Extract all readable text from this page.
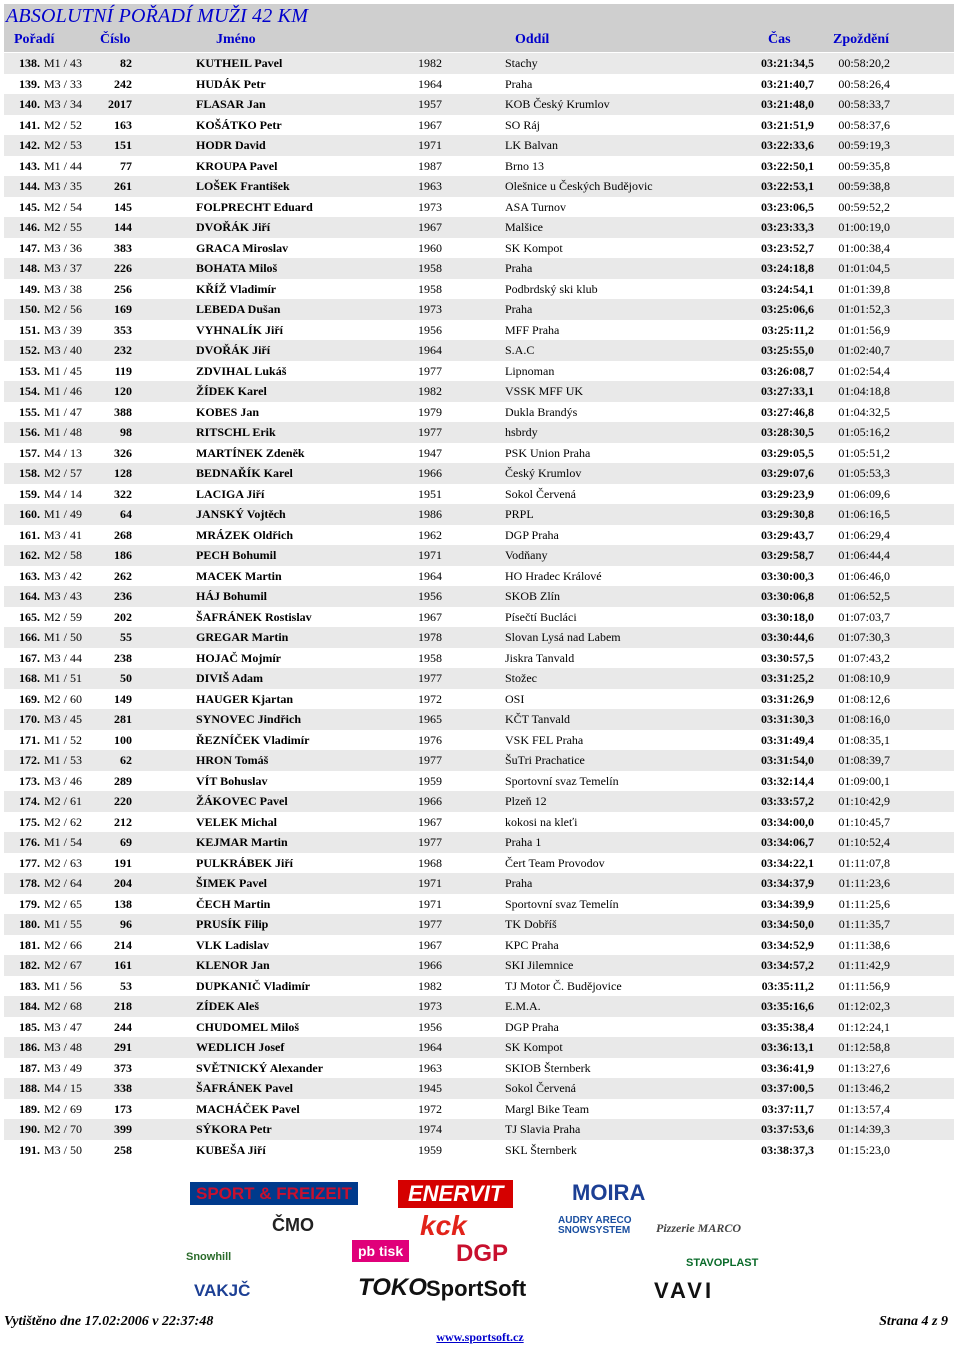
ABSOLUTNÍ POŘADÍ MUŽI 42 KM
Pořadí	Číslo	Jméno	Oddíl	Čas	Zpoždění
138. M1 / 43	82	KUTHEIL Pavel	1982	Stachy	03:21:34,5	00:58:20,2
139. M3 / 33	242	HUDÁK Petr	1964	Praha	03:21:40,7	00:58:26,4
140. M3 / 34	2017	FLASAR Jan	1957	KOB Český Krumlov	03:21:48,0	00:58:33,7
141. M2 / 52	163	KOŠÁTKO Petr	1967	SO Ráj	03:21:51,9	00:58:37,6
142. M2 / 53	151	HODR David	1971	LK Balvan	03:22:33,6	00:59:19,3
143. M1 / 44	77	KROUPA Pavel	1987	Brno 13	03:22:50,1	00:59:35,8
144. M3 / 35	261	LOŠEK František	1963	Olešnice u Českých Budějovic	03:22:53,1	00:59:38,8
145. M2 / 54	145	FOLPRECHT Eduard	1973	ASA Turnov	03:23:06,5	00:59:52,2
146. M2 / 55	144	DVOŘÁK Jiří	1967	Malšice	03:23:33,3	01:00:19,0
147. M3 / 36	383	GRACA Miroslav	1960	SK Kompot	03:23:52,7	01:00:38,4
148. M3 / 37	226	BOHATA Miloš	1958	Praha	03:24:18,8	01:01:04,5
149. M3 / 38	256	KŘÍŽ Vladimír	1958	Podbrdský ski klub	03:24:54,1	01:01:39,8
150. M2 / 56	169	LEBEDA Dušan	1973	Praha	03:25:06,6	01:01:52,3
151. M3 / 39	353	VYHNALÍK Jiří	1956	MFF Praha	03:25:11,2	01:01:56,9
152. M3 / 40	232	DVOŘÁK Jiří	1964	S.A.C	03:25:55,0	01:02:40,7
153. M1 / 45	119	ZDVIHAL Lukáš	1977	Lipnoman	03:26:08,7	01:02:54,4
154. M1 / 46	120	ŽÍDEK Karel	1982	VSSK MFF UK	03:27:33,1	01:04:18,8
155. M1 / 47	388	KOBES Jan	1979	Dukla Brandýs	03:27:46,8	01:04:32,5
156. M1 / 48	98	RITSCHL Erik	1977	hsbrdy	03:28:30,5	01:05:16,2
157. M4 / 13	326	MARTÍNEK Zdeněk	1947	PSK Union Praha	03:29:05,5	01:05:51,2
158. M2 / 57	128	BEDNAŘÍK Karel	1966	Český Krumlov	03:29:07,6	01:05:53,3
159. M4 / 14	322	LACIGA Jiří	1951	Sokol Červená	03:29:23,9	01:06:09,6
160. M1 / 49	64	JANSKÝ Vojtěch	1986	PRPL	03:29:30,8	01:06:16,5
161. M3 / 41	268	MRÁZEK Oldřich	1962	DGP Praha	03:29:43,7	01:06:29,4
162. M2 / 58	186	PECH Bohumil	1971	Vodňany	03:29:58,7	01:06:44,4
163. M3 / 42	262	MACEK Martin	1964	HO Hradec Králové	03:30:00,3	01:06:46,0
164. M3 / 43	236	HÁJ Bohumil	1956	SKOB Zlín	03:30:06,8	01:06:52,5
165. M2 / 59	202	ŠAFRÁNEK Rostislav	1967	Písečtí Bucláci	03:30:18,0	01:07:03,7
166. M1 / 50	55	GREGAR Martin	1978	Slovan Lysá nad Labem	03:30:44,6	01:07:30,3
167. M3 / 44	238	HOJAČ Mojmír	1958	Jiskra Tanvald	03:30:57,5	01:07:43,2
168. M1 / 51	50	DIVIŠ Adam	1977	Stožec	03:31:25,2	01:08:10,9
169. M2 / 60	149	HAUGER Kjartan	1972	OSI	03:31:26,9	01:08:12,6
170. M3 / 45	281	SYNOVEC Jindřich	1965	KČT Tanvald	03:31:30,3	01:08:16,0
171. M1 / 52	100	ŘEZNÍČEK Vladimír	1976	VSK FEL Praha	03:31:49,4	01:08:35,1
172. M1 / 53	62	HRON Tomáš	1977	ŠuTri Prachatice	03:31:54,0	01:08:39,7
173. M3 / 46	289	VÍT Bohuslav	1959	Sportovní svaz Temelín	03:32:14,4	01:09:00,1
174. M2 / 61	220	ŽÁKOVEC Pavel	1966	Plzeň 12	03:33:57,2	01:10:42,9
175. M2 / 62	212	VELEK Michal	1967	kokosi na kleťi	03:34:00,0	01:10:45,7
176. M1 / 54	69	KEJMAR Martin	1977	Praha 1	03:34:06,7	01:10:52,4
177. M2 / 63	191	PULKRÁBEK Jiří	1968	Čert Team Provodov	03:34:22,1	01:11:07,8
178. M2 / 64	204	ŠIMEK Pavel	1971	Praha	03:34:37,9	01:11:23,6
179. M2 / 65	138	ČECH Martin	1971	Sportovní svaz Temelín	03:34:39,9	01:11:25,6
180. M1 / 55	96	PRUSÍK Filip	1977	TK Dobříš	03:34:50,0	01:11:35,7
181. M2 / 66	214	VLK Ladislav	1967	KPC Praha	03:34:52,9	01:11:38,6
182. M2 / 67	161	KLENOR Jan	1966	SKI Jilemnice	03:34:57,2	01:11:42,9
183. M1 / 56	53	DUPKANIČ Vladimír	1982	TJ Motor Č. Budějovice	03:35:11,2	01:11:56,9
184. M2 / 68	218	ZÍDEK Aleš	1973	E.M.A.	03:35:16,6	01:12:02,3
185. M3 / 47	244	CHUDOMEL Miloš	1956	DGP Praha	03:35:38,4	01:12:24,1
186. M3 / 48	291	WEDLICH Josef	1964	SK Kompot	03:36:13,1	01:12:58,8
187. M3 / 49	373	SVĚTNICKÝ Alexander	1963	SKIOB Šternberk	03:36:41,9	01:13:27,6
188. M4 / 15	338	ŠAFRÁNEK Pavel	1945	Sokol Červená	03:37:00,5	01:13:46,2
189. M2 / 69	173	MACHÁČEK Pavel	1972	Margl Bike Team	03:37:11,7	01:13:57,4
190. M2 / 70	399	SÝKORA Petr	1974	TJ Slavia Praha	03:37:53,6	01:14:39,3
191. M3 / 50	258	KUBEŠA Jiří	1959	SKL Šternberk	03:38:37,3	01:15:23,0
SPORT & FREIZEIT	ENERVIT	MOIRA
ČMO	kck	AUDRY ARECO SNOWSYSTEM	Pizzerie MARCO
Snowhill	pb tisk DGP	STAVOPLAST
VAKJČ	TOKO SportSoft	VAVI
Vytištěno dne 17.02:2006 v 22:37:48	Strana 4 z 9
www.sportsoft.cz
